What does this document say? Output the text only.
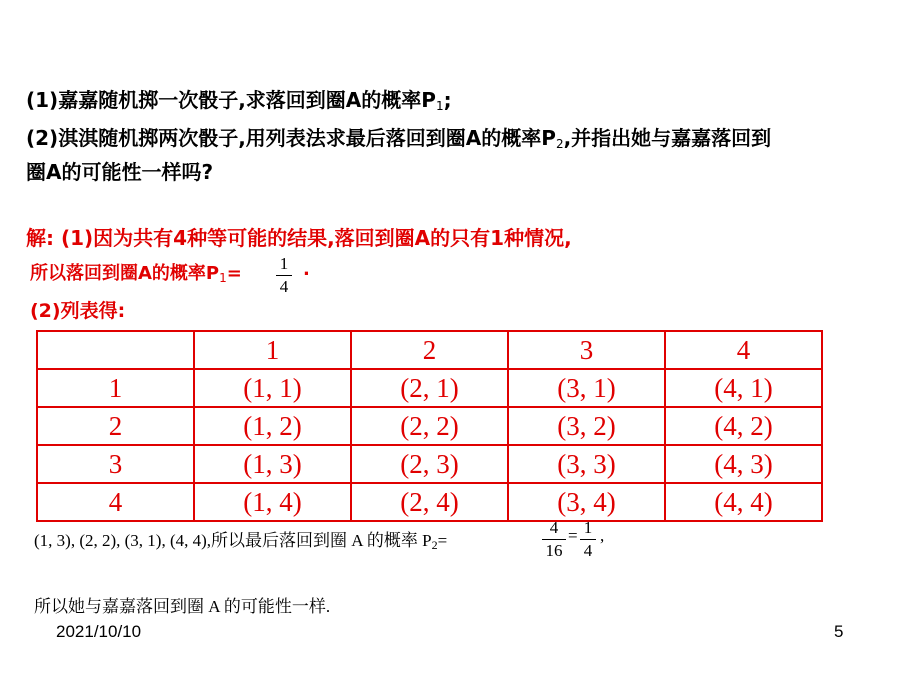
(1)嘉嘉随机掷一次骰子,求落回到圈A的概率$P_1$;
(2)淇淇随机掷两次骰子,用列表法求最后落回到圈A的概率$P_2$,并指出她与嘉嘉落回到
圈A的可能性一样吗?
解: (1)因为共有4种等可能的结果,落回到圈A的只有1种情况,
所以落回到圈A的概率$P_1= 1$
4
.
(2)列表得:
	1	2	3	4
1	(1, 1)	(2, 1)	(3, 1)	(4, 1)
2	(1, 2)	(2, 2)	(3, 2)	(4, 2)
3	(1, 3)	(2, 3)	(3, 3)	(4, 3)
4	(1, 4)	(2, 4)	(3, 4)	(4, 4)
(1, 3), (2, 2), (3, 1), (4, 4),所以最后落回到圈 A 的概率 $P_2=$
4
16
= 1
4
,
所以她与嘉嘉落回到圈 A 的可能性一样.
2021/10/10	5
